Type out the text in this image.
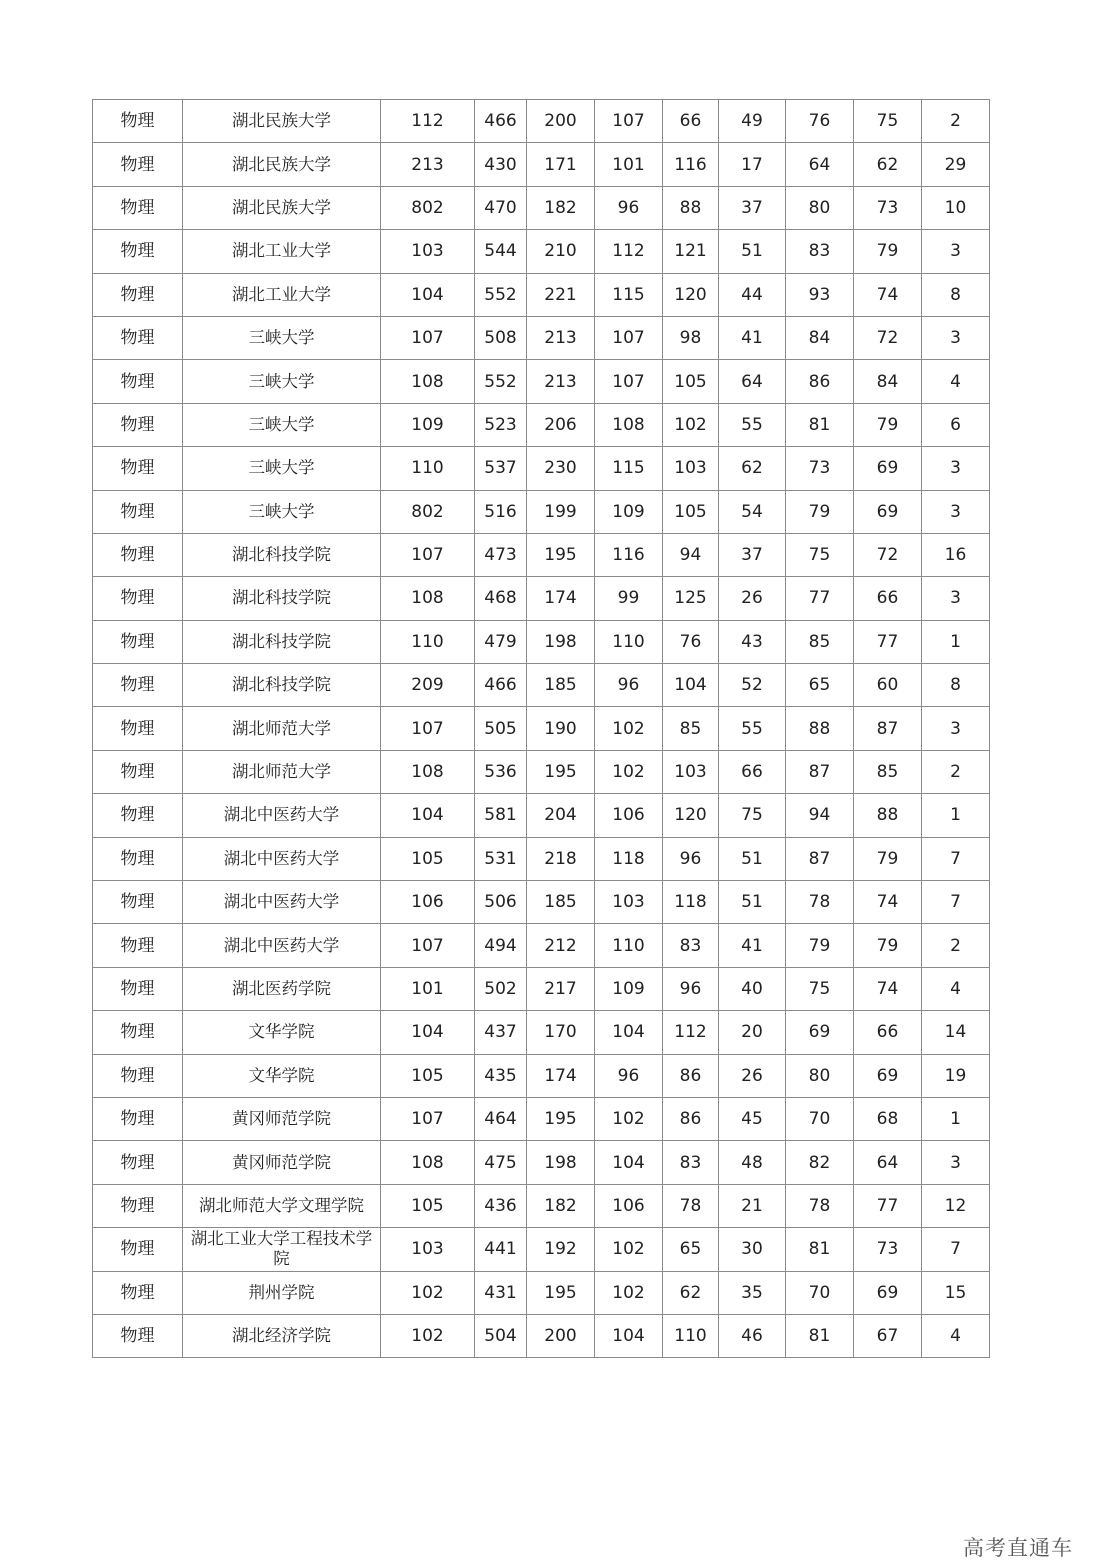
物理	湖北民族大学	112	466	200	107	66	49	76	75	2
物理	湖北民族大学	213	430	171	101	116	17	64	62	29
物理	湖北民族大学	802	470	182	96	88	37	80	73	10
物理	湖北工业大学	103	544	210	112	121	51	83	79	3
物理	湖北工业大学	104	552	221	115	120	44	93	74	8
物理	三峡大学	107	508	213	107	98	41	84	72	3
物理	三峡大学	108	552	213	107	105	64	86	84	4
物理	三峡大学	109	523	206	108	102	55	81	79	6
物理	三峡大学	110	537	230	115	103	62	73	69	3
物理	三峡大学	802	516	199	109	105	54	79	69	3
物理	湖北科技学院	107	473	195	116	94	37	75	72	16
物理	湖北科技学院	108	468	174	99	125	26	77	66	3
物理	湖北科技学院	110	479	198	110	76	43	85	77	1
物理	湖北科技学院	209	466	185	96	104	52	65	60	8
物理	湖北师范大学	107	505	190	102	85	55	88	87	3
物理	湖北师范大学	108	536	195	102	103	66	87	85	2
物理	湖北中医药大学	104	581	204	106	120	75	94	88	1
物理	湖北中医药大学	105	531	218	118	96	51	87	79	7
物理	湖北中医药大学	106	506	185	103	118	51	78	74	7
物理	湖北中医药大学	107	494	212	110	83	41	79	79	2
物理	湖北医药学院	101	502	217	109	96	40	75	74	4
物理	文华学院	104	437	170	104	112	20	69	66	14
物理	文华学院	105	435	174	96	86	26	80	69	19
物理	黄冈师范学院	107	464	195	102	86	45	70	68	1
物理	黄冈师范学院	108	475	198	104	83	48	82	64	3
物理	湖北师范大学文理学院	105	436	182	106	78	21	78	77	12
物理	湖北工业大学工程技术学院	103	441	192	102	65	30	81	73	7
物理	荆州学院	102	431	195	102	62	35	70	69	15
物理	湖北经济学院	102	504	200	104	110	46	81	67	4
高考直通车
